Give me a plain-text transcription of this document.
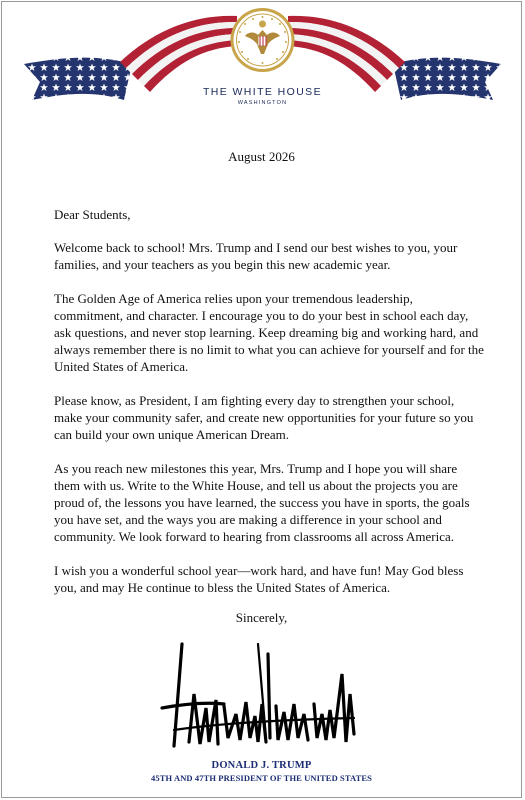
THE WHITE HOUSE
WASHINGTON
August 2026

Dear Students,

Welcome back to school! Mrs. Trump and I send our best wishes to you, your families, and your teachers as you begin this new academic year.

The Golden Age of America relies upon your tremendous leadership, commitment, and character. I encourage you to do your best in school each day, ask questions, and never stop learning. Keep dreaming big and working hard, and always remember there is no limit to what you can achieve for yourself and for the United States of America.

Please know, as President, I am fighting every day to strengthen your school, make your community safer, and create new opportunities for your future so you can build your own unique American Dream.

As you reach new milestones this year, Mrs. Trump and I hope you will share them with us. Write to the White House, and tell us about the projects you are proud of, the lessons you have learned, the success you have in sports, the goals you have set, and the ways you are making a difference in your school and community. We look forward to hearing from classrooms all across America.

I wish you a wonderful school year—work hard, and have fun! May God bless you, and may He continue to bless the United States of America.

Sincerely,
DONALD J. TRUMP
45TH AND 47TH PRESIDENT OF THE UNITED STATES
